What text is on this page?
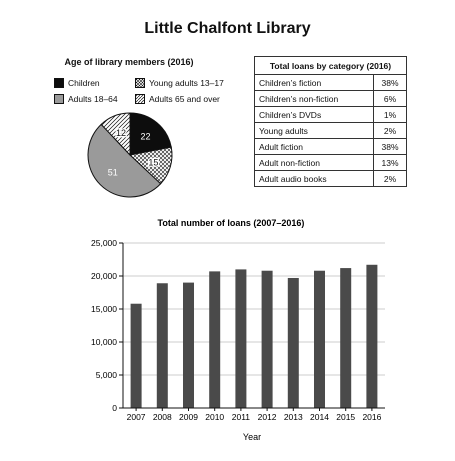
Little Chalfont Library
Age of library members (2016)
Children	Young adults 13–17
Adults 18–64	Adults 65 and over
22
15
51
12
Total loans by category (2016)	
Children’s fiction	38%
Children’s non-fiction	6%
Children’s DVDs	1%
Young adults	2%
Adult fiction	38%
Adult non-fiction	13%
Adult audio books	2%
Total number of loans (2007–2016)
0
5,000
10,000
15,000
20,000
25,000
2007 2008 2009 2010 2011 2012 2013 2014 2015 2016
Year
